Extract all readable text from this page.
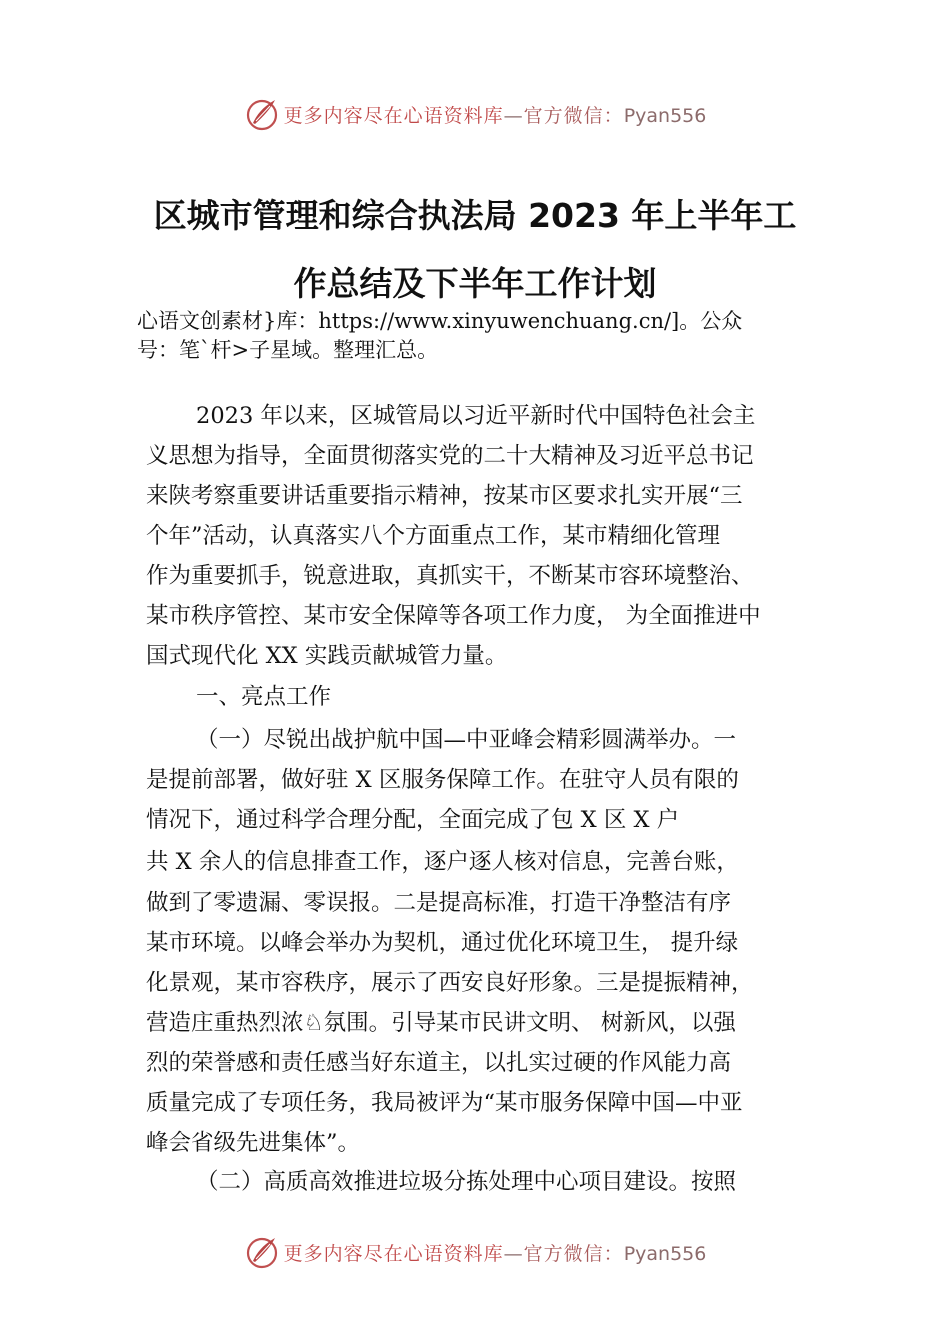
更多内容尽在心语资料库—官方微信：Pyan556
区城市管理和综合执法局 2023 年上半年工
作总结及下半年工作计划
心语文创素材}库：https://www.xinyuwenchuang.cn/]。公众
号：笔`杆>子星域。整理汇总。
2023 年以来，区城管局以习近平新时代中国特色社会主
义思想为指导，全面贯彻落实党的二十大精神及习近平总书记
来陕考察重要讲话重要指示精神，按某市区要求扎实开展“三
个年”活动，认真落实八个方面重点工作，某市精细化管理
作为重要抓手，锐意进取，真抓实干，不断某市容环境整治、
某市秩序管控、某市安全保障等各项工作力度， 为全面推进中
国式现代化 XX 实践贡献城管力量。
一、亮点工作
（一）尽锐出战护航中国—中亚峰会精彩圆满举办。一
是提前部署，做好驻 X 区服务保障工作。在驻守人员有限的
情况下，通过科学合理分配，全面完成了包 X 区 X 户
共 X 余人的信息排查工作，逐户逐人核对信息，完善台账，
做到了零遗漏、零误报。二是提高标准，打造干净整洁有序
某市环境。以峰会举办为契机，通过优化环境卫生， 提升绿
化景观，某市容秩序，展示了西安良好形象。三是提振精神，
营造庄重热烈浓♘氛围。引导某市民讲文明、 树新风，以强
烈的荣誉感和责任感当好东道主，以扎实过硬的作风能力高
质量完成了专项任务，我局被评为“某市服务保障中国—中亚
峰会省级先进集体”。
（二）高质高效推进垃圾分拣处理中心项目建设。按照
更多内容尽在心语资料库—官方微信：Pyan556
